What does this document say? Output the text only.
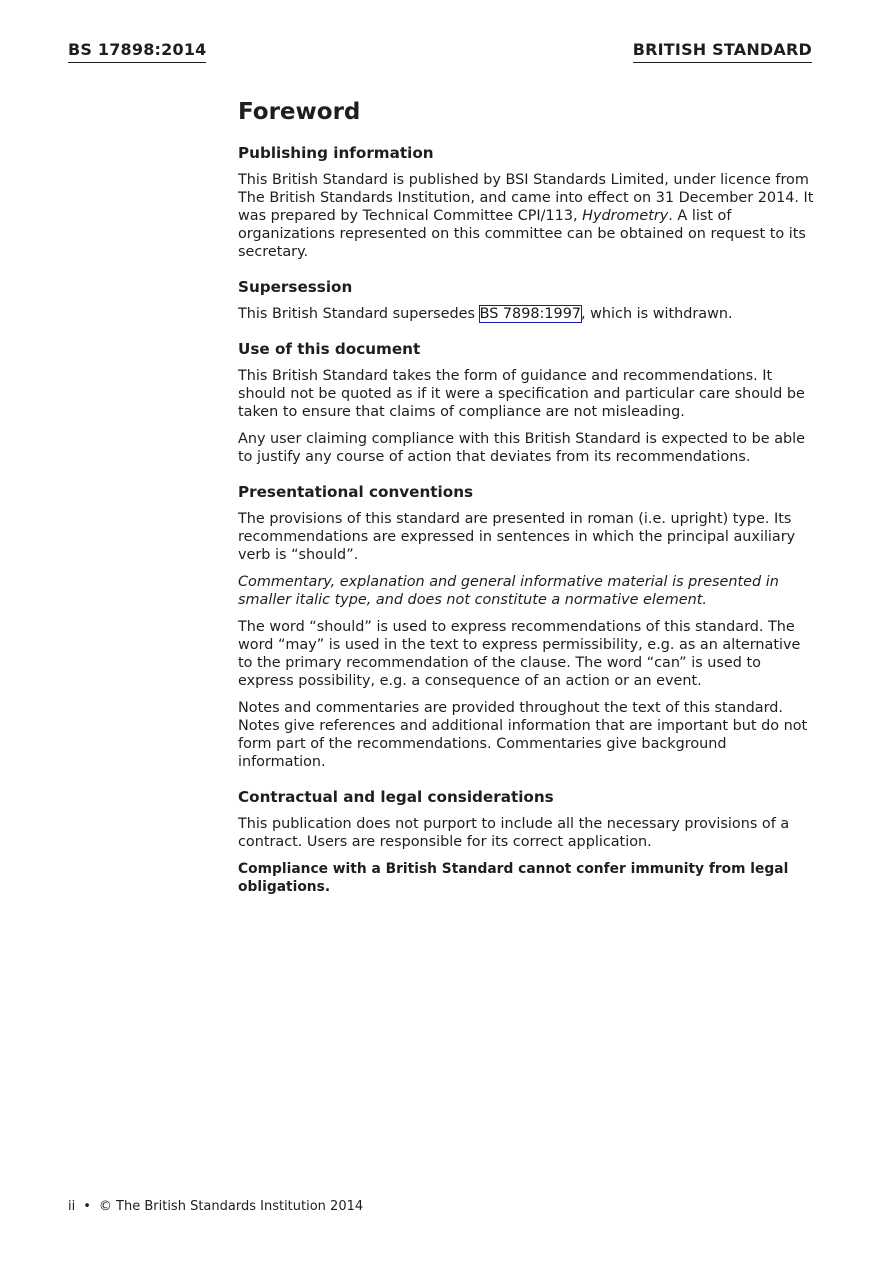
BS 17898:2014	BRITISH STANDARD
Foreword
Publishing information

This British Standard is published by BSI Standards Limited, under licence from The British Standards Institution, and came into effect on 31 December 2014. It was prepared by Technical Committee CPI/113, Hydrometry. A list of organizations represented on this committee can be obtained on request to its secretary.

Supersession

This British Standard supersedes BS 7898:1997, which is withdrawn.

Use of this document

This British Standard takes the form of guidance and recommendations. It should not be quoted as if it were a specification and particular care should be taken to ensure that claims of compliance are not misleading.

Any user claiming compliance with this British Standard is expected to be able to justify any course of action that deviates from its recommendations.

Presentational conventions

The provisions of this standard are presented in roman (i.e. upright) type. Its recommendations are expressed in sentences in which the principal auxiliary verb is “should”.

Commentary, explanation and general informative material is presented in smaller italic type, and does not constitute a normative element.

The word “should” is used to express recommendations of this standard. The word “may” is used in the text to express permissibility, e.g. as an alternative to the primary recommendation of the clause. The word “can” is used to express possibility, e.g. a consequence of an action or an event.

Notes and commentaries are provided throughout the text of this standard. Notes give references and additional information that are important but do not form part of the recommendations. Commentaries give background information.

Contractual and legal considerations

This publication does not purport to include all the necessary provisions of a contract. Users are responsible for its correct application.

Compliance with a British Standard cannot confer immunity from legal obligations.

ii • © The British Standards Institution 2014
